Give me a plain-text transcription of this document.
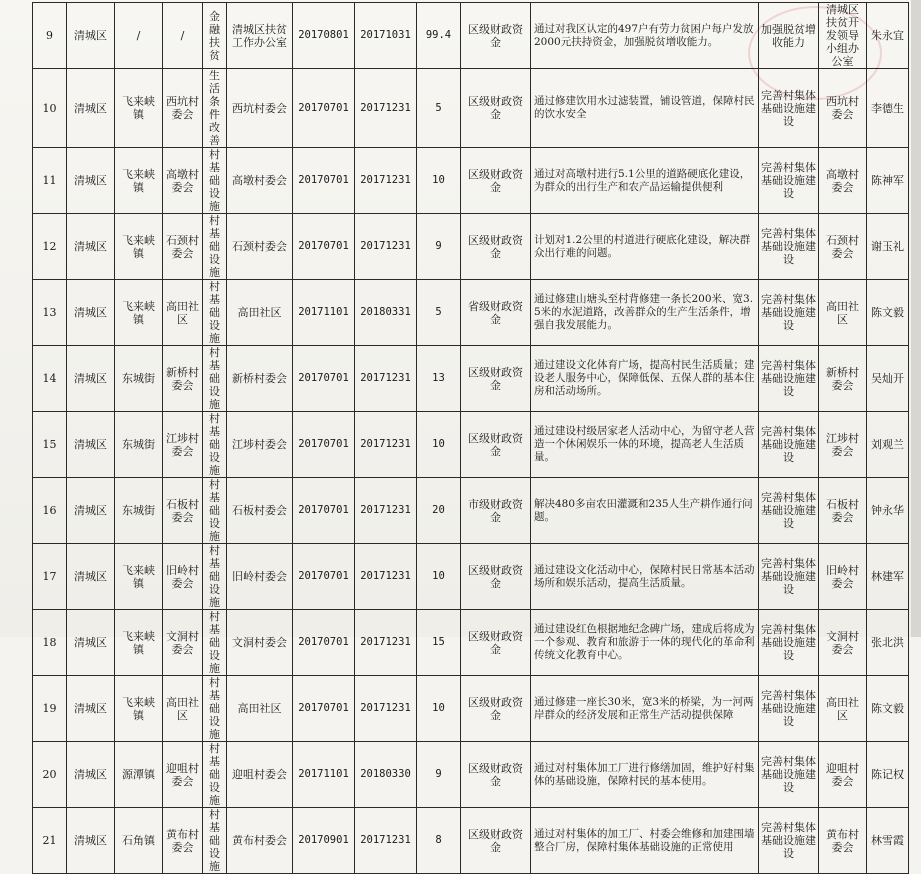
9	清城区	/	/	金融扶贫	清城区扶贫工作办公室	20170801	20171031	99.4	区级财政资金	通过对我区认定的497户有劳力贫困户每户发放2000元扶持资金，加强脱贫增收能力。	加强脱贫增收能力	清城区扶贫开发领导小组办公室	朱永宜
10	清城区	飞来峡镇	西坑村委会	生活条件改善	西坑村委会	20170701	20171231	5	区级财政资金	通过修建饮用水过滤装置，铺设管道，保障村民的饮水安全	完善村集体基础设施建设	西坑村委会	李德生
11	清城区	飞来峡镇	高墩村委会	村基础设施	高墩村委会	20170701	20171231	10	区级财政资金	通过对高墩村进行5.1公里的道路硬底化建设，为群众的出行生产和农产品运输提供便利	完善村集体基础设施建设	高墩村委会	陈神军
12	清城区	飞来峡镇	石颈村委会	村基础设施	石颈村委会	20170701	20171231	9	区级财政资金	计划对1.2公里的村道进行硬底化建设，解决群众出行难的问题。	完善村集体基础设施建设	石颈村委会	谢玉礼
13	清城区	飞来峡镇	高田社区	村基础设施	高田社区	20171101	20180331	5	省级财政资金	通过修建山塘头至村背修建一条长200米、宽3.5米的水泥道路，改善群众的生产生活条件，增强自我发展能力。	完善村集体基础设施建设	高田社区	陈文毅
14	清城区	东城街	新桥村委会	村基础设施	新桥村委会	20170701	20171231	13	区级财政资金	通过建设文化体育广场，提高村民生活质量；建设老人服务中心，保障低保、五保人群的基本住房和活动场所。	完善村集体基础设施建设	新桥村委会	吴灿开
15	清城区	东城街	江埗村委会	村基础设施	江埗村委会	20170701	20171231	10	区级财政资金	通过建设村级居家老人活动中心，为留守老人营造一个休闲娱乐一体的环境，提高老人生活质量。	完善村集体基础设施建设	江埗村委会	刘观兰
16	清城区	东城街	石板村委会	村基础设施	石板村委会	20170701	20171231	20	市级财政资金	解决480多亩农田灌溉和235人生产耕作通行问题。	完善村集体基础设施建设	石板村委会	钟永华
17	清城区	飞来峡镇	旧岭村委会	村基础设施	旧岭村委会	20170701	20171231	10	区级财政资金	通过建设文化活动中心，保障村民日常基本活动场所和娱乐活动，提高生活质量。	完善村集体基础设施建设	旧岭村委会	林建军
18	清城区	飞来峡镇	文洞村委会	村基础设施	文洞村委会	20170701	20171231	15	区级财政资金	通过建设红色根据地纪念碑广场，建成后将成为一个参观、教育和旅游于一体的现代化的革命利传统文化教育中心。	完善村集体基础设施建设	文洞村委会	张北洪
19	清城区	飞来峡镇	高田社区	村基础设施	高田社区	20170701	20171231	10	区级财政资金	通过修建一座长30米，宽3米的桥梁，为一河两岸群众的经济发展和正常生产活动提供保障	完善村集体基础设施建设	高田社区	陈文毅
20	清城区	源潭镇	迎咀村委会	村基础设施	迎咀村委会	20171101	20180330	9	区级财政资金	通过对村集体加工厂进行修缮加固，维护好村集体的基础设施，保障村民的基本使用。	完善村集体基础设施建设	迎咀村委会	陈记权
21	清城区	石角镇	黄布村委会	村基础设施	黄布村委会	20170901	20171231	8	区级财政资金	通过对村集体的加工厂、村委会维修和加建围墙整合厂房，保障村集体基础设施的正常使用	完善村集体基础设施建设	黄布村委会	林雪霞
